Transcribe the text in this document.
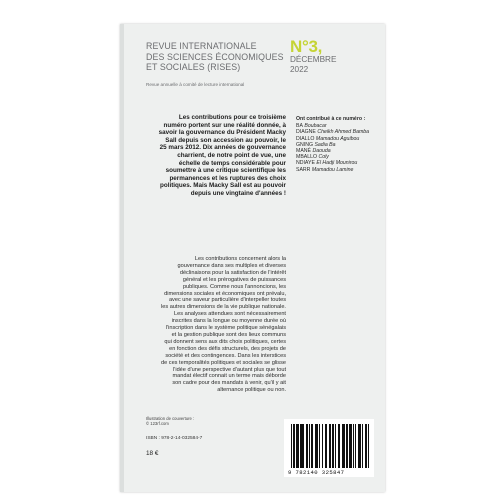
REVUE INTERNATIONALE
DES SCIENCES ÉCONOMIQUES
ET SOCIALES (RISES)
Revue annuelle à comité de lecture international
N°3,
DÉCEMBRE
2022
Les contributions pour ce troisième
numéro portent sur une réalité donnée, à
savoir la gouvernance du Président Macky
Sall depuis son accession au pouvoir, le
25 mars 2012. Dix années de gouvernance
charrient, de notre point de vue, une
échelle de temps considérable pour
soumettre à une critique scientifique les
permanences et les ruptures des choix
politiques. Mais Macky Sall est au pouvoir
depuis une vingtaine d'années !
Les contributions concernent alors la
gouvernance dans ses multiples et diverses
déclinaisons pour la satisfaction de l'intérêt
général et les prérogatives de puissances
publiques. Comme nous l'annoncions, les
dimensions sociales et économiques ont prévalu,
avec une saveur particulière d'interpeller toutes
les autres dimensions de la vie publique nationale.
Les analyses attendues sont nécessairement
inscrites dans la longue ou moyenne durée où
l'inscription dans le système politique sénégalais
et la gestion publique sont des lieux communs
qui donnent sens aux dits choix politiques, certes
en fonction des défis structurels, des projets de
société et des contingences. Dans les interstices
de ces temporalités politiques et sociales se glisse
l'idée d'une perspective d'autant plus que tout
mandat électif connait un terme mais déborde
son cadre pour des mandats à venir, qu'il y ait
alternance politique ou non.
Ont contribué à ce numéro :
BA Boubacar
DIAGNE Cheikh Ahmed Bamba
DIALLO Mamadou Aguibou
GNING Sadia Ba
MANÉ Daouda
MBALLO Coly
NDIAYE El Hadji Mounirou
SARR Mamadou Lamine
Illustration de couverture :
© 123rf.com
ISBN : 978-2-14-032584-7
18 €
9 782140 325847
